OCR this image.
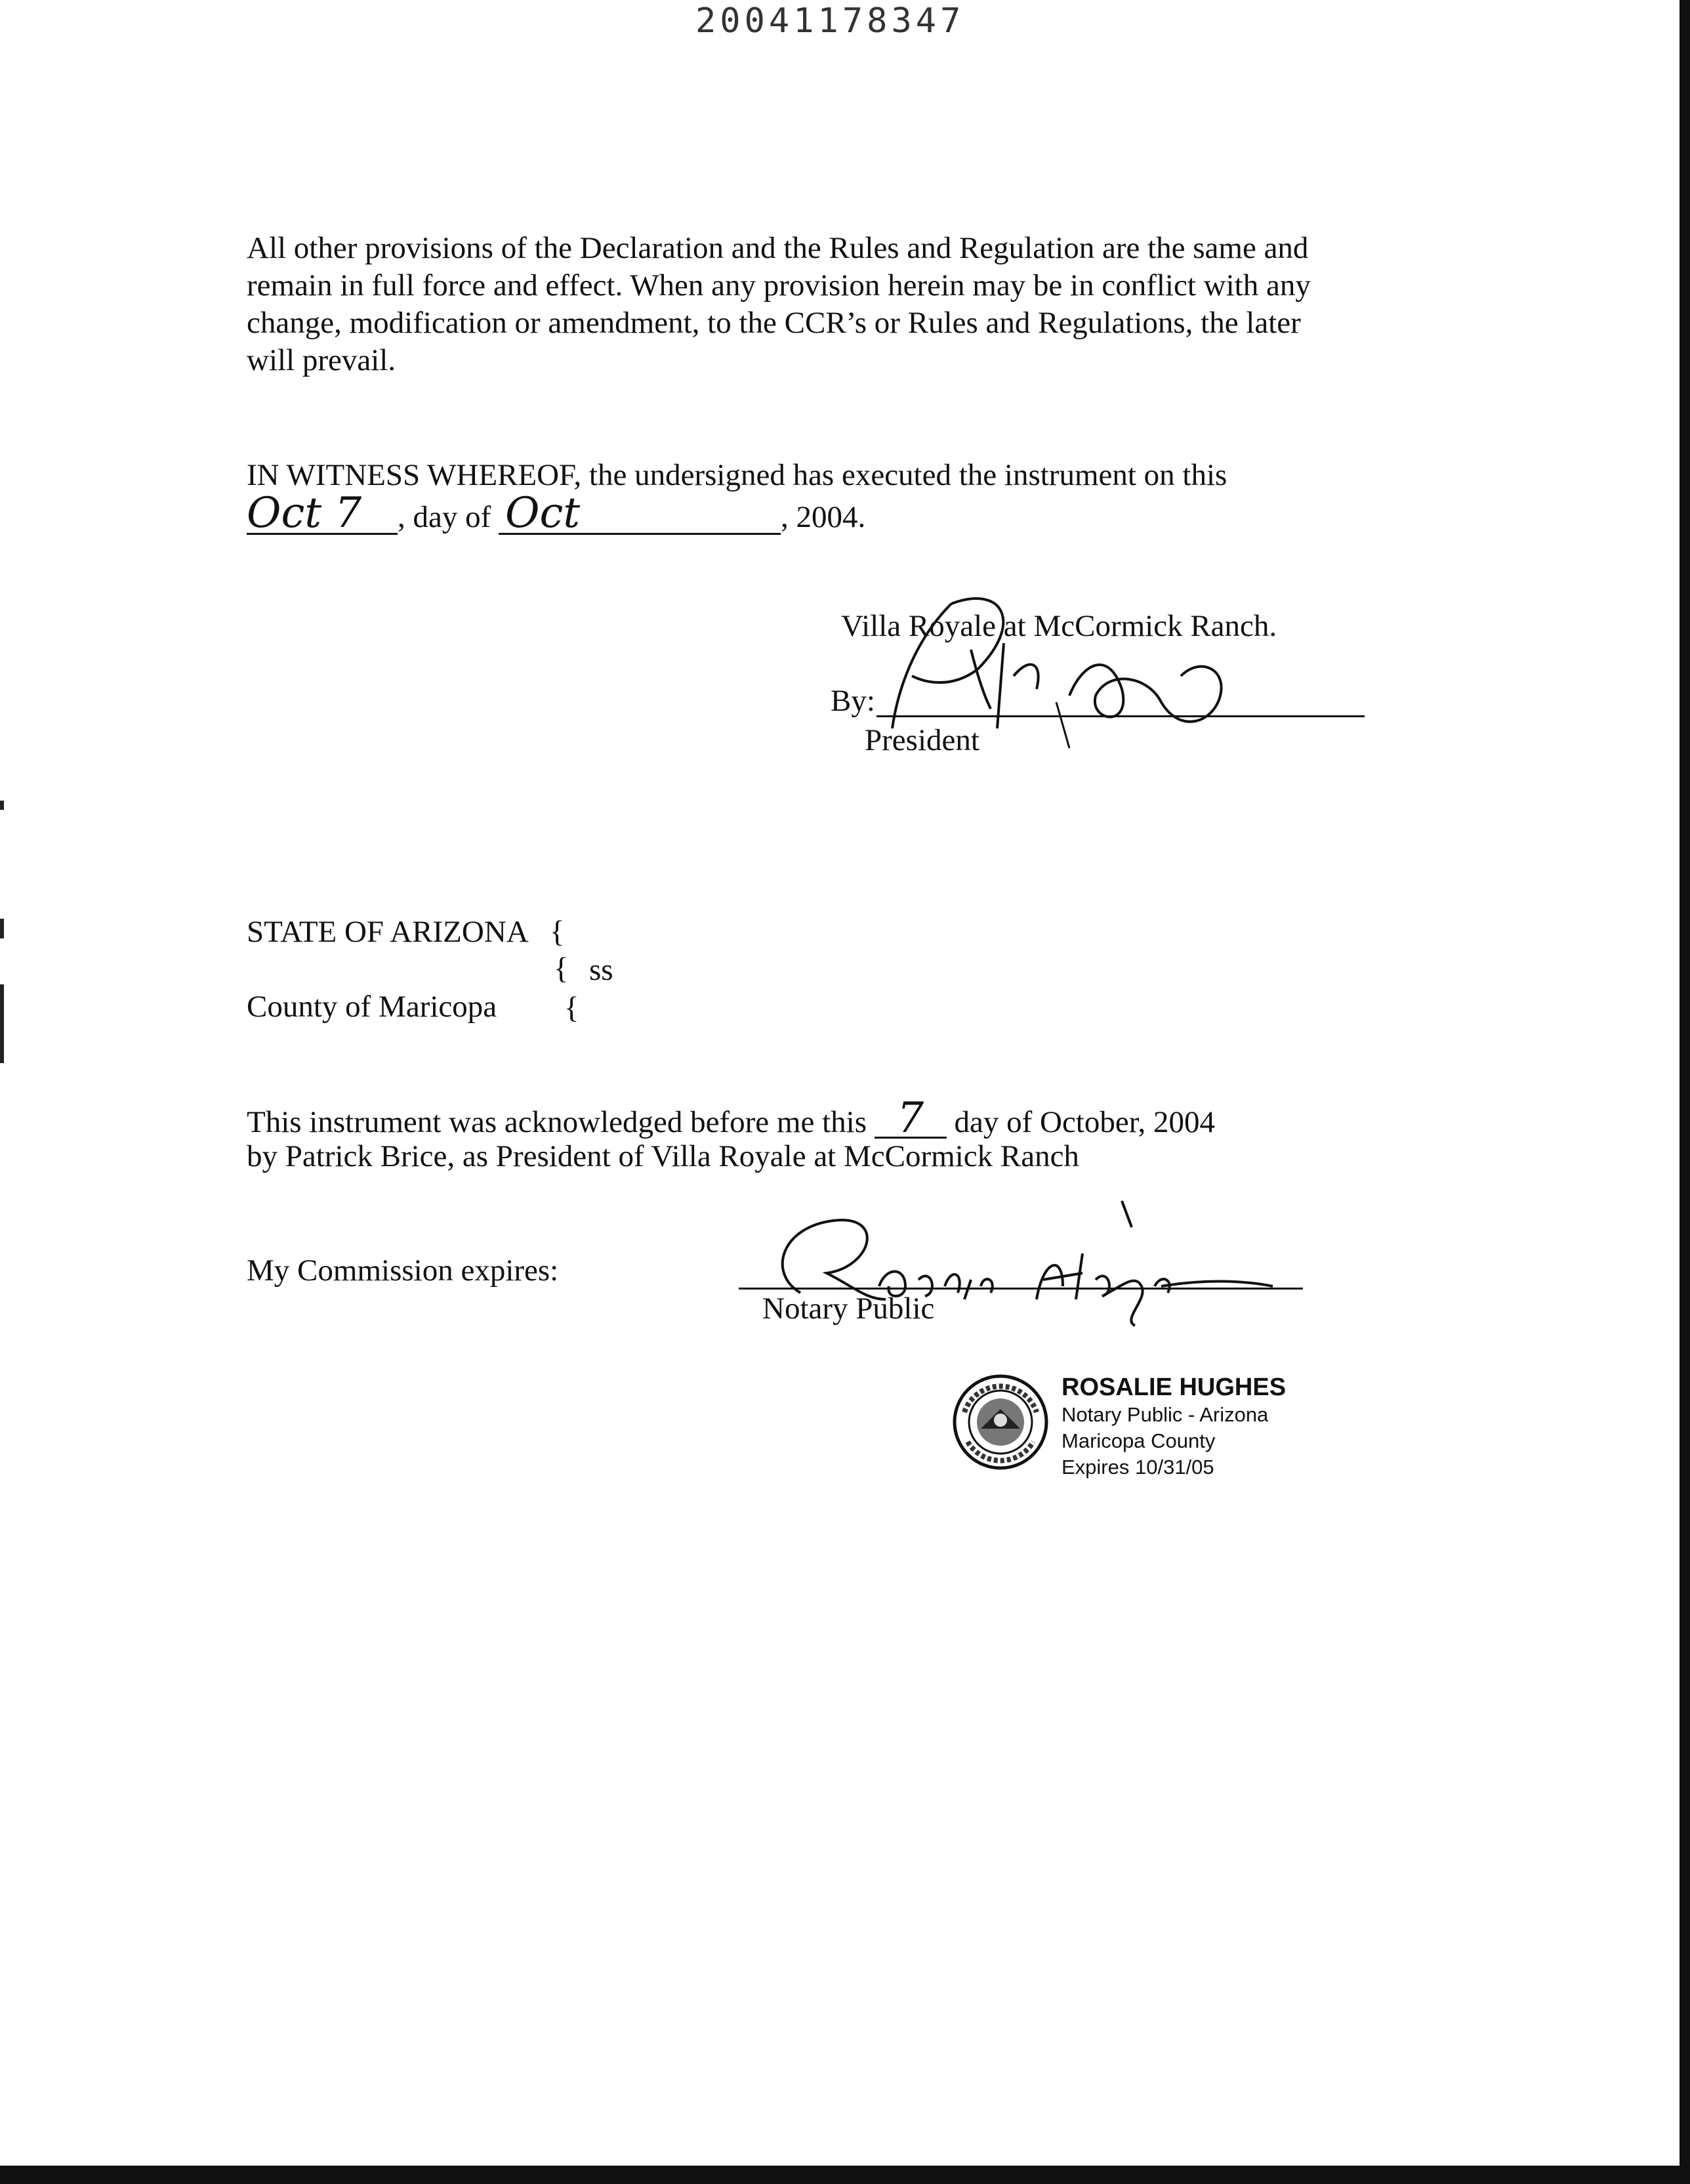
20041178347
All other provisions of the Declaration and the Rules and Regulation are the same and
remain in full force and effect. When any provision herein may be in conflict with any
change, modification or amendment, to the CCR’s or Rules and Regulations, the later
will prevail.
IN WITNESS WHEREOF, the undersigned has executed the instrument on this
Oct 7 , day of Oct	, 2004.
Villa Royale at McCormick Ranch.
By:
President
STATE OF ARIZONA {
{ ss
County of Maricopa {
This instrument was acknowledged before me this 7 day of October, 2004
by Patrick Brice, as President of Villa Royale at McCormick Ranch
My Commission expires:
Notary Public
ROSALIE HUGHES
Notary Public - Arizona
Maricopa County
Expires 10/31/05
